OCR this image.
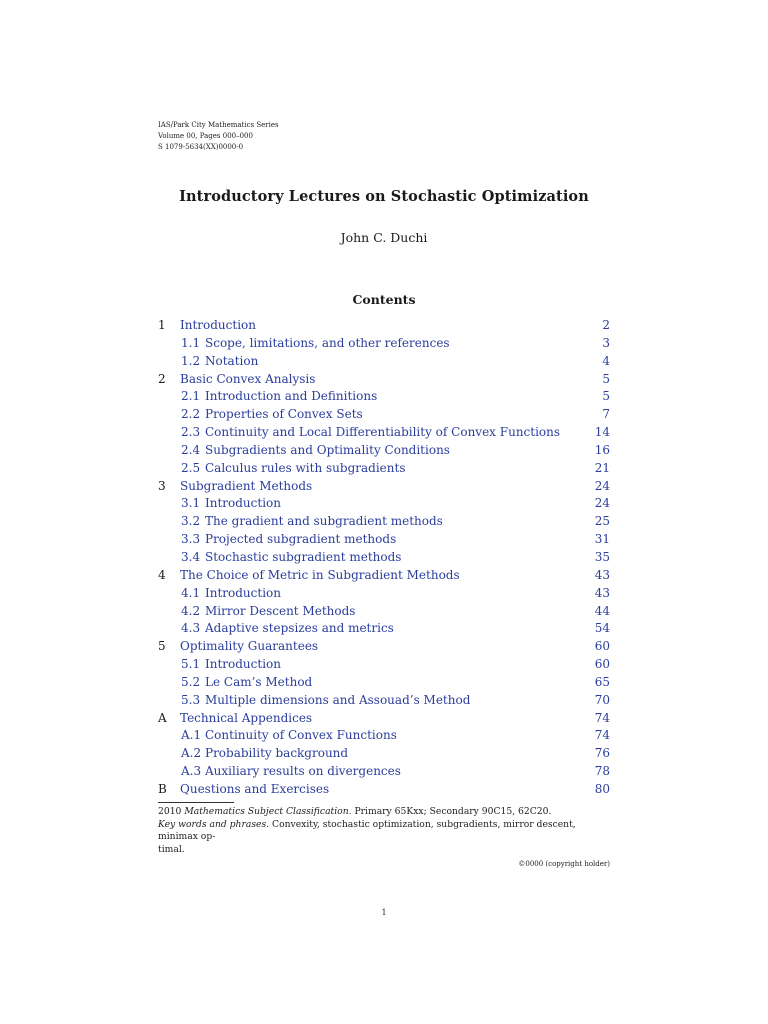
IAS/Park City Mathematics Series
Volume 00, Pages 000–000
S 1079-5634(XX)0000-0
Introductory Lectures on Stochastic Optimization
John C. Duchi
Contents
1 Introduction	2
1.1 Scope, limitations, and other references	3
1.2 Notation	4
2 Basic Convex Analysis	5
2.1 Introduction and Definitions	5
2.2 Properties of Convex Sets	7
2.3 Continuity and Local Differentiability of Convex Functions	14
2.4 Subgradients and Optimality Conditions	16
2.5 Calculus rules with subgradients	21
3 Subgradient Methods	24
3.1 Introduction	24
3.2 The gradient and subgradient methods	25
3.3 Projected subgradient methods	31
3.4 Stochastic subgradient methods	35
4 The Choice of Metric in Subgradient Methods	43
4.1 Introduction	43
4.2 Mirror Descent Methods	44
4.3 Adaptive stepsizes and metrics	54
5 Optimality Guarantees	60
5.1 Introduction	60
5.2 Le Cam’s Method	65
5.3 Multiple dimensions and Assouad’s Method	70
A Technical Appendices	74
A.1 Continuity of Convex Functions	74
A.2 Probability background	76
A.3 Auxiliary results on divergences	78
B Questions and Exercises	80
2010 Mathematics Subject Classification. Primary 65Kxx; Secondary 90C15, 62C20.
Key words and phrases. Convexity, stochastic optimization, subgradients, mirror descent, minimax op-
timal.
©0000 (copyright holder)
1
